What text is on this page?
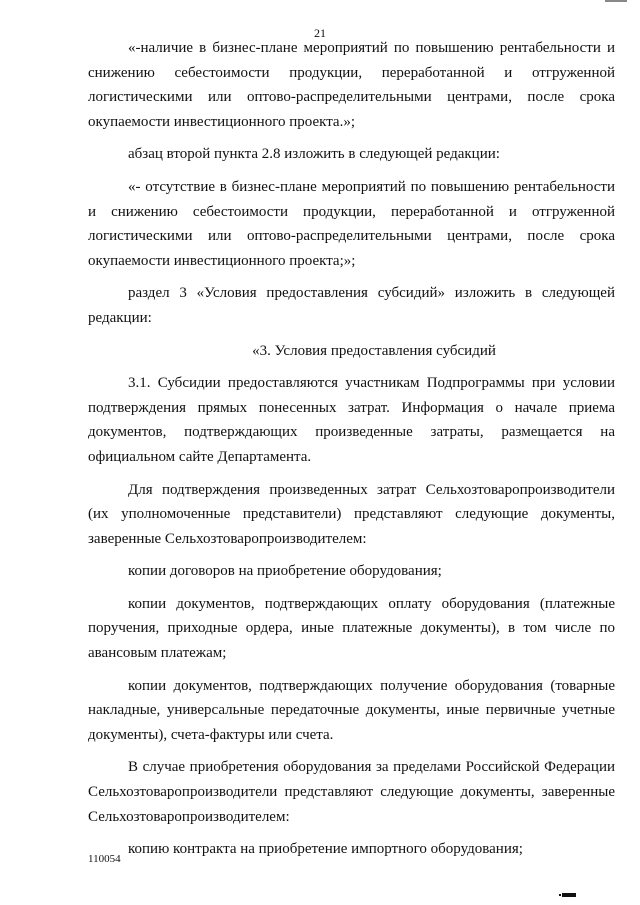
21

«-наличие в бизнес-плане мероприятий по повышению рентабельности и снижению себестоимости продукции, переработанной и отгруженной логистическими или оптово-распределительными центрами, после срока окупаемости инвестиционного проекта.»;

абзац второй пункта 2.8 изложить в следующей редакции:

«- отсутствие в бизнес-плане мероприятий по повышению рентабельности и снижению себестоимости продукции, переработанной и отгруженной логистическими или оптово-распределительными центрами, после срока окупаемости инвестиционного проекта;»;

раздел 3 «Условия предоставления субсидий» изложить в следующей редакции:

«3. Условия предоставления субсидий

3.1. Субсидии предоставляются участникам Подпрограммы при условии подтверждения прямых понесенных затрат. Информация о начале приема документов, подтверждающих произведенные затраты, размещается на официальном сайте Департамента.

Для подтверждения произведенных затрат Сельхозтоваропроизводители (их уполномоченные представители) представляют следующие документы, заверенные Сельхозтоваропроизводителем:

копии договоров на приобретение оборудования;

копии документов, подтверждающих оплату оборудования (платежные поручения, приходные ордера, иные платежные документы), в том числе по авансовым платежам;

копии документов, подтверждающих получение оборудования (товарные накладные, универсальные передаточные документы, иные первичные учетные документы), счета-фактуры или счета.

В случае приобретения оборудования за пределами Российской Федерации Сельхозтоваропроизводители представляют следующие документы, заверенные Сельхозтоваропроизводителем:

копию контракта на приобретение импортного оборудования;

110054
